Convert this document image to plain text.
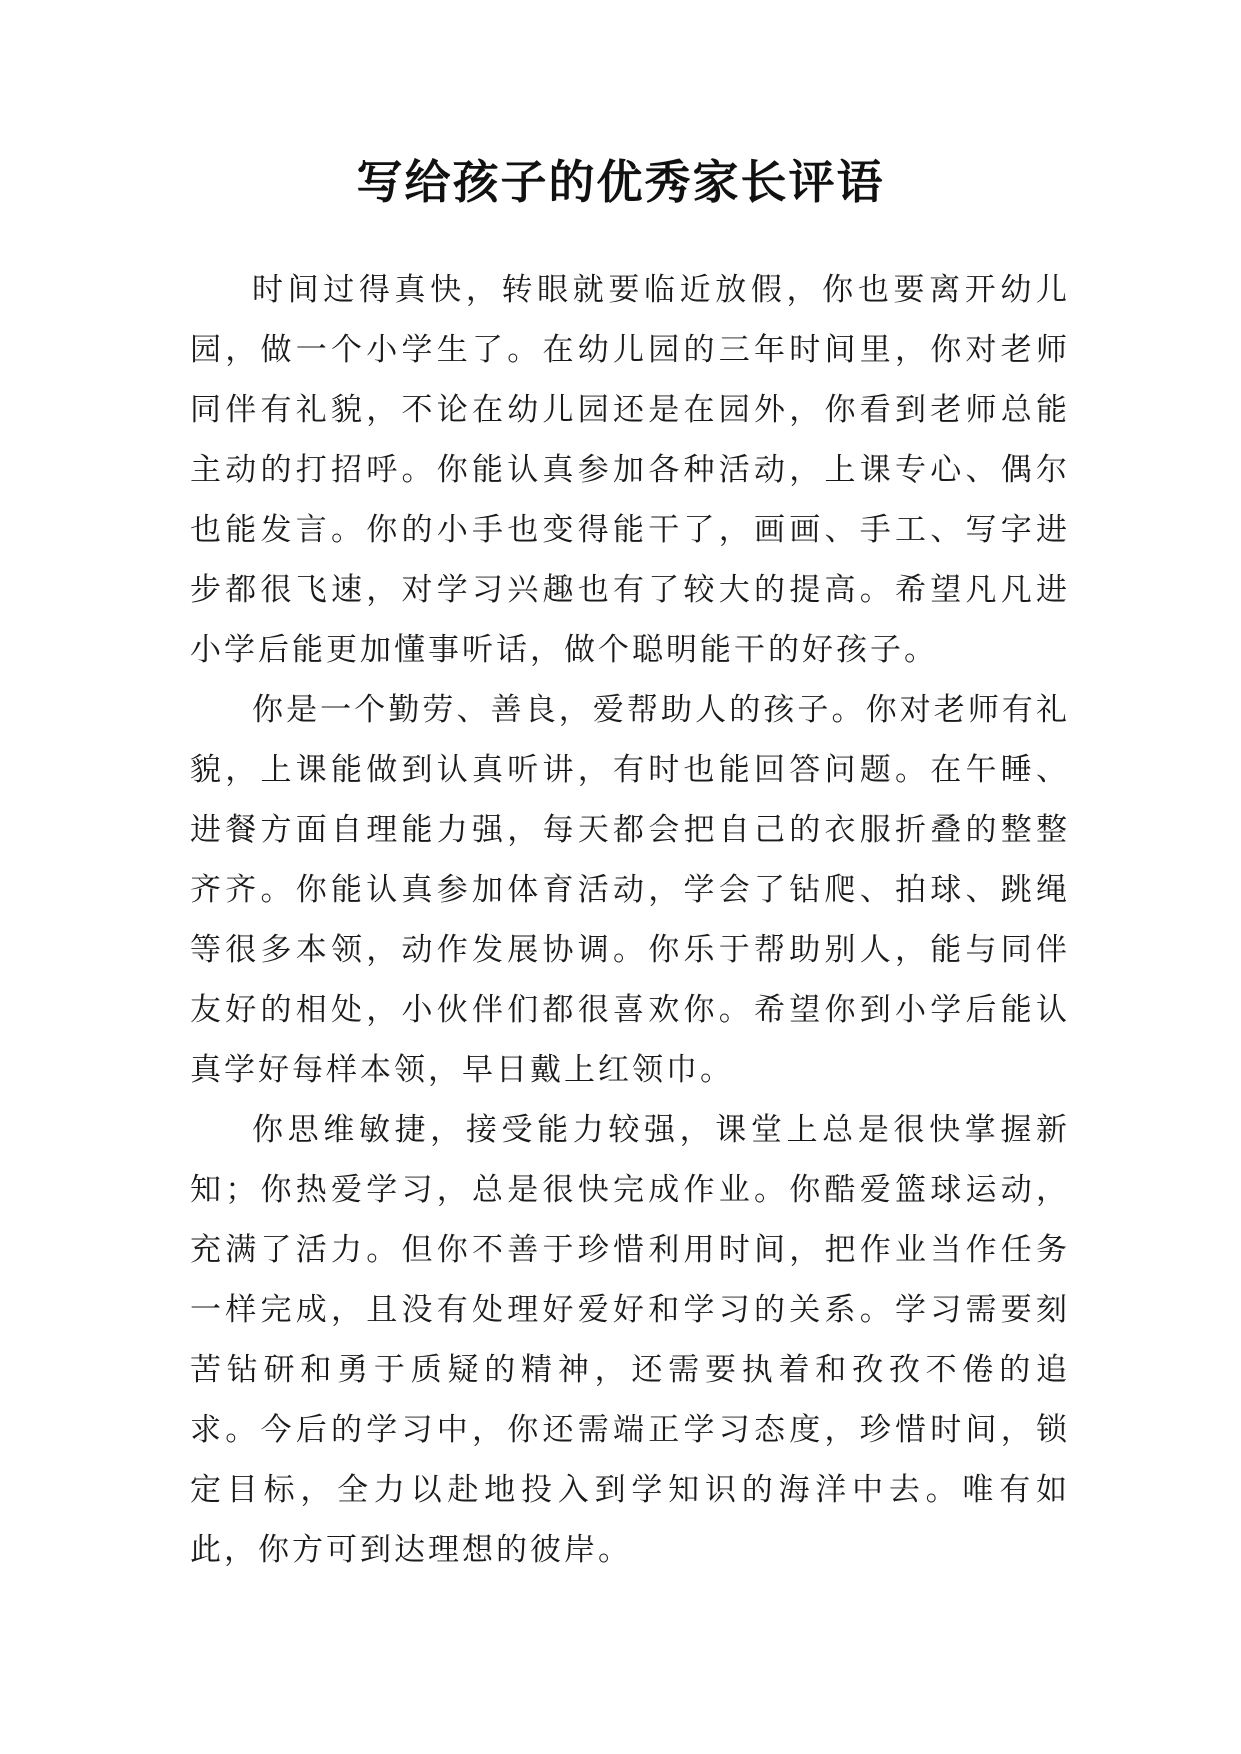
写给孩子的优秀家长评语

时间过得真快，转眼就要临近放假，你也要离开幼儿园，做一个小学生了。在幼儿园的三年时间里，你对老师同伴有礼貌，不论在幼儿园还是在园外，你看到老师总能主动的打招呼。你能认真参加各种活动，上课专心、偶尔也能发言。你的小手也变得能干了，画画、手工、写字进步都很飞速，对学习兴趣也有了较大的提高。希望凡凡进小学后能更加懂事听话，做个聪明能干的好孩子。

你是一个勤劳、善良，爱帮助人的孩子。你对老师有礼貌，上课能做到认真听讲，有时也能回答问题。在午睡、进餐方面自理能力强，每天都会把自己的衣服折叠的整整齐齐。你能认真参加体育活动，学会了钻爬、拍球、跳绳等很多本领，动作发展协调。你乐于帮助别人，能与同伴友好的相处，小伙伴们都很喜欢你。希望你到小学后能认真学好每样本领，早日戴上红领巾。

你思维敏捷，接受能力较强，课堂上总是很快掌握新知；你热爱学习，总是很快完成作业。你酷爱篮球运动，充满了活力。但你不善于珍惜利用时间，把作业当作任务一样完成，且没有处理好爱好和学习的关系。学习需要刻苦钻研和勇于质疑的精神，还需要执着和孜孜不倦的追求。今后的学习中，你还需端正学习态度，珍惜时间，锁定目标，全力以赴地投入到学知识的海洋中去。唯有如此，你方可到达理想的彼岸。
